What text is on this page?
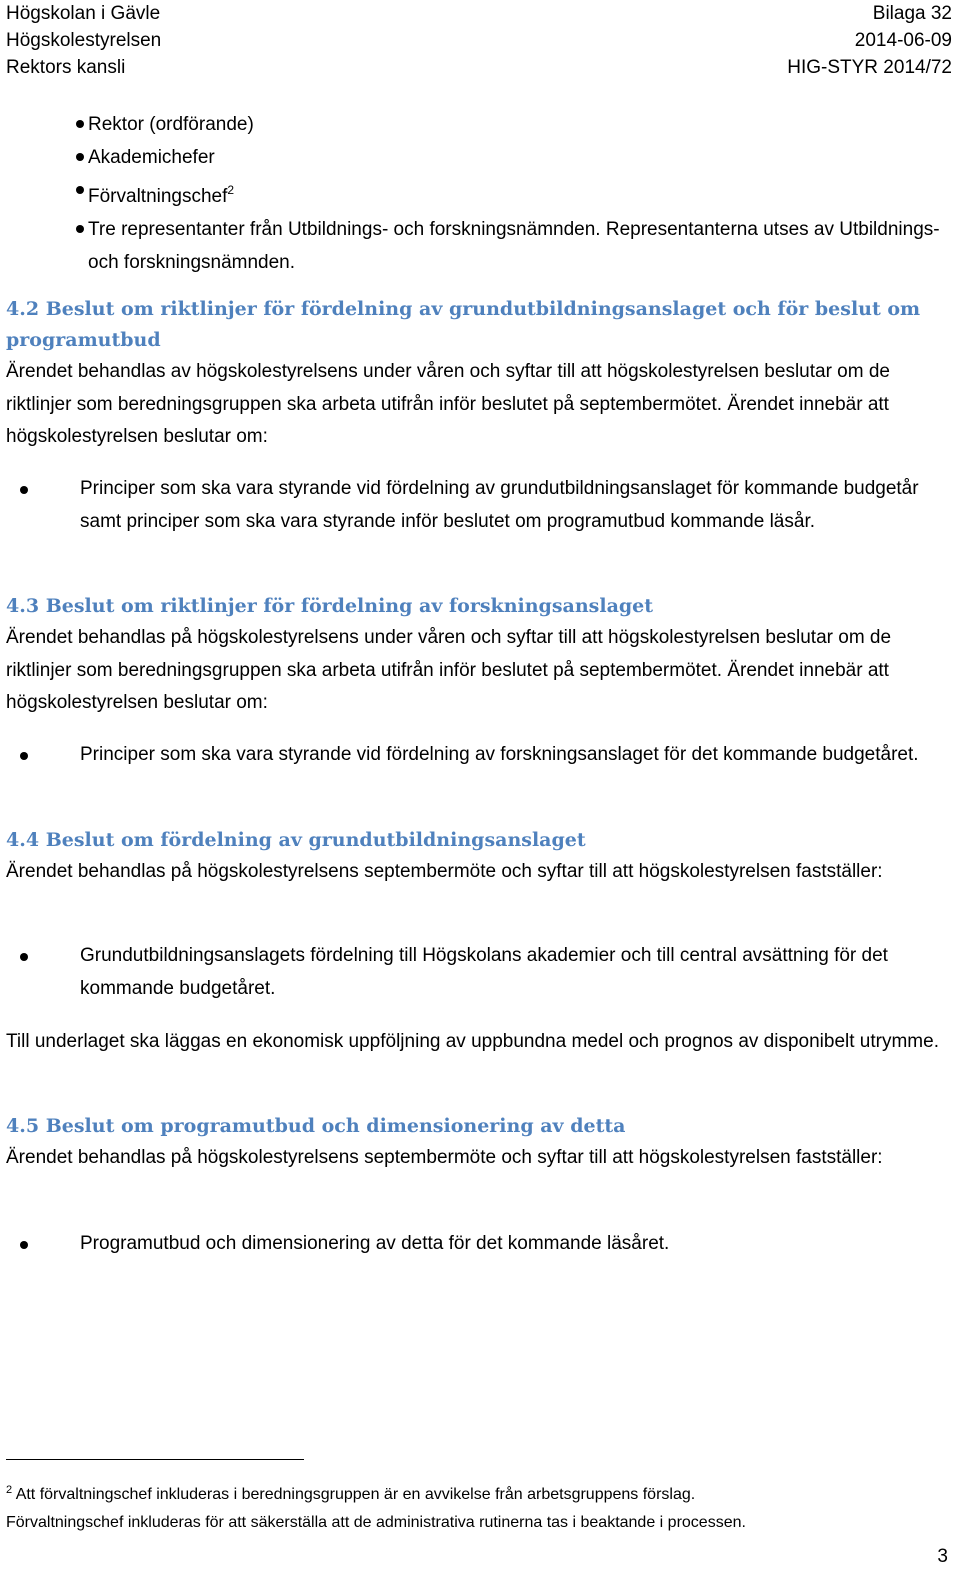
Högskolan i Gävle	Bilaga 32
Högskolestyrelsen	2014-06-09
Rektors kansli	HIG-STYR 2014/72
Rektor (ordförande)
Akademichefer
Förvaltningschef$^2$
Tre representanter från Utbildnings- och forskningsnämnden. Representanterna utses av Utbildnings- och forskningsnämnden.
4.2 Beslut om riktlinjer för fördelning av grundutbildningsanslaget och för beslut om programutbud
Ärendet behandlas av högskolestyrelsens under våren och syftar till att högskolestyrelsen beslutar om de riktlinjer som beredningsgruppen ska arbeta utifrån inför beslutet på septembermötet. Ärendet innebär att högskolestyrelsen beslutar om:
Principer som ska vara styrande vid fördelning av grundutbildningsanslaget för kommande budgetår samt principer som ska vara styrande inför beslutet om programutbud kommande läsår.
4.3 Beslut om riktlinjer för fördelning av forskningsanslaget
Ärendet behandlas på högskolestyrelsens under våren och syftar till att högskolestyrelsen beslutar om de riktlinjer som beredningsgruppen ska arbeta utifrån inför beslutet på septembermötet. Ärendet innebär att högskolestyrelsen beslutar om:
Principer som ska vara styrande vid fördelning av forskningsanslaget för det kommande budgetåret.
4.4 Beslut om fördelning av grundutbildningsanslaget
Ärendet behandlas på högskolestyrelsens septembermöte och syftar till att högskolestyrelsen fastställer:
Grundutbildningsanslagets fördelning till Högskolans akademier och till central avsättning för det kommande budgetåret.
Till underlaget ska läggas en ekonomisk uppföljning av uppbundna medel och prognos av disponibelt utrymme.
4.5 Beslut om programutbud och dimensionering av detta
Ärendet behandlas på högskolestyrelsens septembermöte och syftar till att högskolestyrelsen fastställer:
Programutbud och dimensionering av detta för det kommande läsåret.
$^2$ Att förvaltningschef inkluderas i beredningsgruppen är en avvikelse från arbetsgruppens förslag.
Förvaltningschef inkluderas för att säkerställa att de administrativa rutinerna tas i beaktande i processen.
3
